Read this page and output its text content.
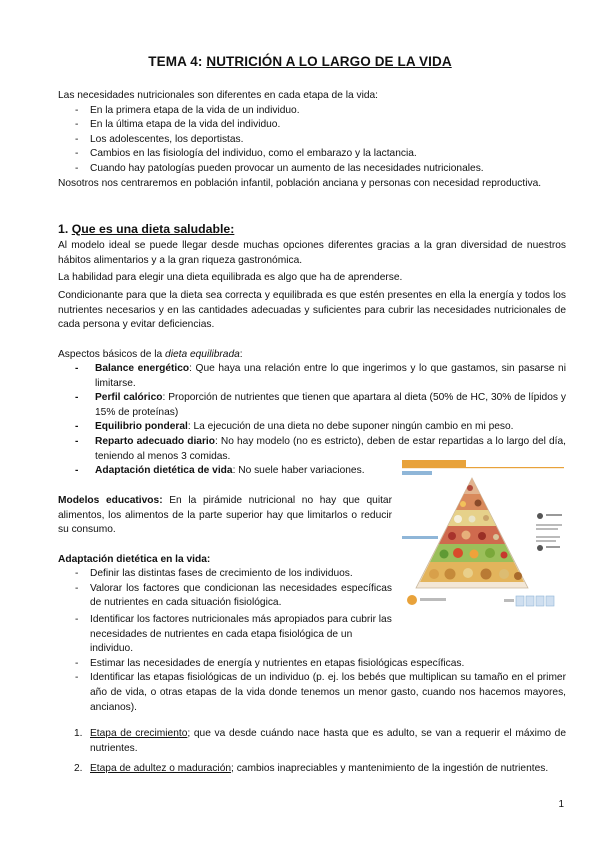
TEMA 4: NUTRICIÓN A LO LARGO DE LA VIDA
Las necesidades nutricionales son diferentes en cada etapa de la vida:
- En la primera etapa de la vida de un individuo.
- En la última etapa de la vida del individuo.
- Los adolescentes, los deportistas.
- Cambios en las fisiología del individuo, como el embarazo y la lactancia.
- Cuando hay patologías pueden provocar un aumento de las necesidades nutricionales.
Nosotros nos centraremos en población infantil, población anciana y personas con necesidad reproductiva.
1. Que es una dieta saludable:
Al modelo ideal se puede llegar desde muchas opciones diferentes gracias a la gran diversidad de nuestros hábitos alimentarios y a la gran riqueza gastronómica.
La habilidad para elegir una dieta equilibrada es algo que ha de aprenderse.
Condicionante para que la dieta sea correcta y equilibrada es que estén presentes en ella la energía y todos los nutrientes necesarios y en las cantidades adecuadas y suficientes para cubrir las necesidades nutricionales de cada persona y evitar deficiencias.
Aspectos básicos de la dieta equilibrada:
- Balance energético: Que haya una relación entre lo que ingerimos y lo que gastamos, sin pasarse ni limitarse.
- Perfil calórico: Proporción de nutrientes que tienen que apartara al dieta (50% de HC, 30% de lípidos y 15% de proteínas)
- Equilibrio ponderal: La ejecución de una dieta no debe suponer ningún cambio en mi peso.
- Reparto adecuado diario: No hay modelo (no es estricto), deben de estar repartidas a lo largo del día, teniendo al menos 3 comidas.
- Adaptación dietética de vida: No suele haber variaciones.
Modelos educativos: En la pirámide nutricional no hay que quitar alimentos, los alimentos de la parte superior hay que limitarlos o reducir su consumo.
Adaptación dietética en la vida:
- Definir las distintas fases de crecimiento de los individuos.
- Valorar los factores que condicionan las necesidades específicas de nutrientes en cada situación fisiológica.
- Identificar los factores nutricionales más apropiados para cubrir las necesidades de nutrientes en cada etapa fisiológica de un individuo.
- Estimar las necesidades de energía y nutrientes en etapas fisiológicas específicas.
- Identificar las etapas fisiológicas de un individuo (p. ej. los bebés que multiplican su tamaño en el primer año de vida, o otras etapas de la vida donde tenemos un menor gasto, cuando nos hacemos mayores, ancianos).
1. Etapa de crecimiento; que va desde cuándo nace hasta que es adulto, se van a requerir el máximo de nutrientes.
2. Etapa de adultez o maduración; cambios inapreciables y mantenimiento de la ingestión de nutrientes.
1
